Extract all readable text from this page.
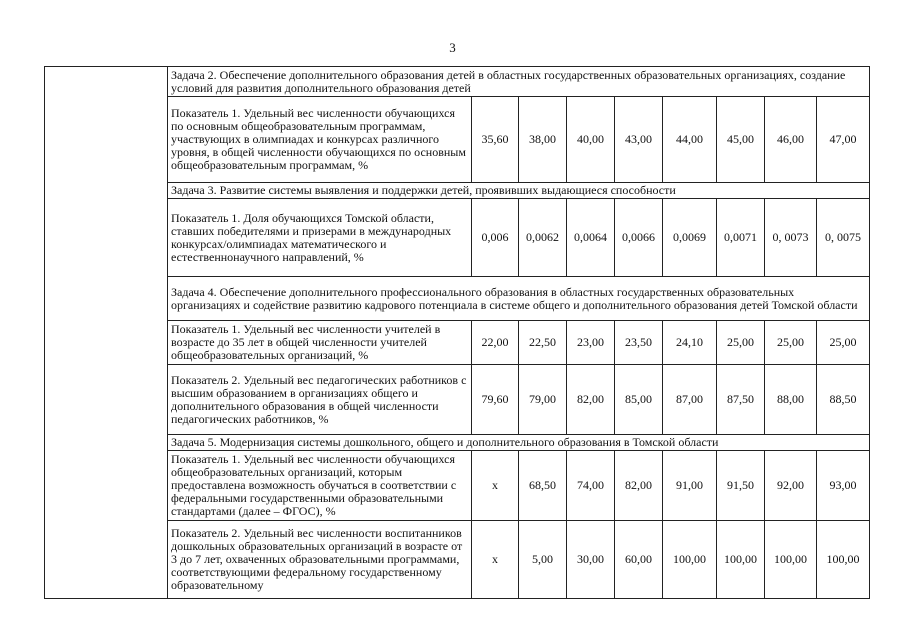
3
	Задача 2. Обеспечение дополнительного образования детей в областных государственных образовательных организациях, создание условий для развития дополнительного образования детей								
	Показатель 1. Удельный вес численности обучающихся по основным общеобразовательным программам, участвующих в олимпиадах и конкурсах различного уровня, в общей численности обучающихся по основным общеобразовательным программам, %	35,60	38,00	40,00	43,00	44,00	45,00	46,00	47,00
	Задача 3. Развитие системы выявления и поддержки детей, проявивших выдающиеся способности								
	Показатель 1. Доля обучающихся Томской области, ставших победителями и призерами в международных конкурсах/олимпиадах математического и естественнонаучного направлений, %	0,006	0,0062	0,0064	0,0066	0,0069	0,0071	0, 0073	0, 0075
	Задача 4. Обеспечение дополнительного профессионального образования в областных государственных образовательных организациях и содействие развитию кадрового потенциала в системе общего и дополнительного образования детей Томской области								
	Показатель 1. Удельный вес численности учителей в возрасте до 35 лет в общей численности учителей общеобразовательных организаций, %	22,00	22,50	23,00	23,50	24,10	25,00	25,00	25,00
	Показатель 2. Удельный вес педагогических работников с высшим образованием в организациях общего и дополнительного образования в общей численности педагогических работников, %	79,60	79,00	82,00	85,00	87,00	87,50	88,00	88,50
	Задача 5. Модернизация системы дошкольного, общего и дополнительного образования в Томской области								
	Показатель 1. Удельный вес численности обучающихся общеобразовательных организаций, которым предоставлена возможность обучаться в соответствии с федеральными государственными образовательными стандартами (далее – ФГОС), %	x	68,50	74,00	82,00	91,00	91,50	92,00	93,00
	Показатель 2. Удельный вес численности воспитанников дошкольных образовательных организаций в возрасте от 3 до 7 лет, охваченных образовательными программами, соответствующими федеральному государственному образовательному	x	5,00	30,00	60,00	100,00	100,00	100,00	100,00
